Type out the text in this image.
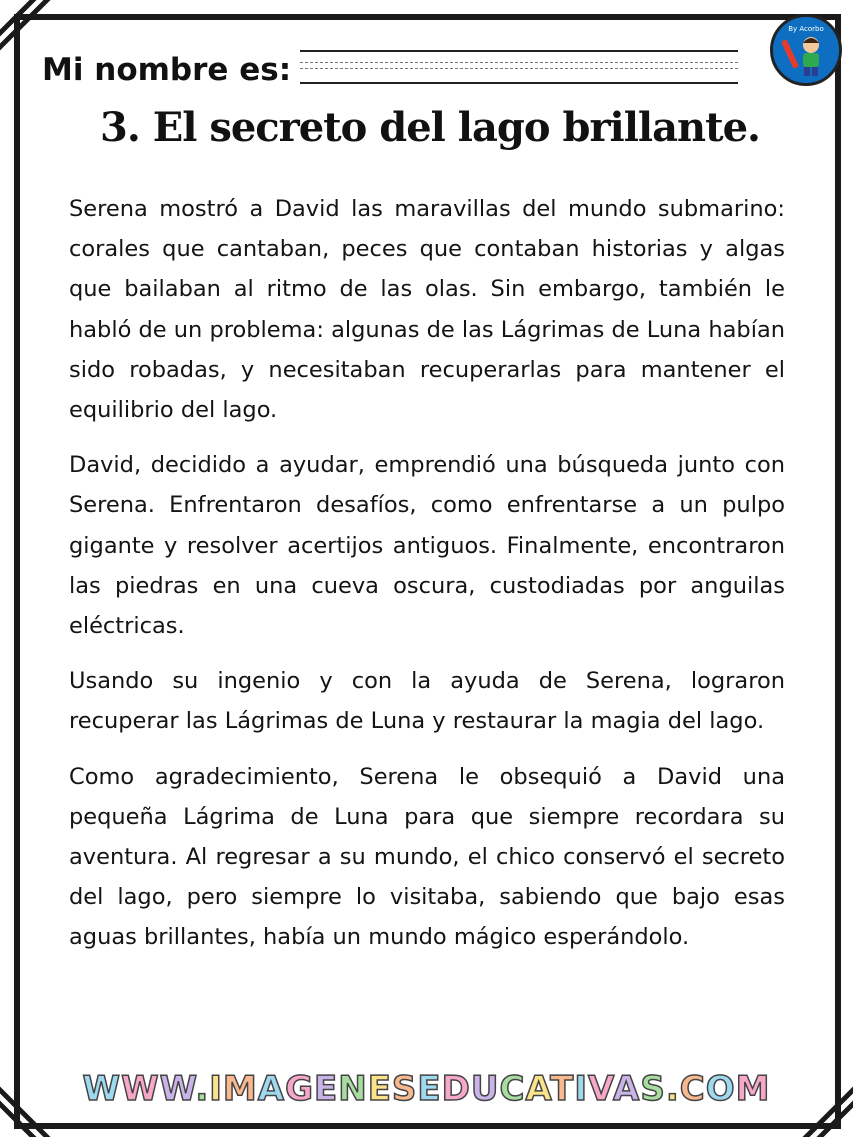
Mi nombre es:
By Acorbo
3. El secreto del lago brillante.

Serena mostró a David las maravillas del mundo submarino: corales que cantaban, peces que contaban historias y algas que bailaban al ritmo de las olas. Sin embargo, también le habló de un problema: algunas de las Lágrimas de Luna habían sido robadas, y necesitaban recuperarlas para mantener el equilibrio del lago.

David, decidido a ayudar, emprendió una búsqueda junto con Serena. Enfrentaron desafíos, como enfrentarse a un pulpo gigante y resolver acertijos antiguos. Finalmente, encontraron las piedras en una cueva oscura, custodiadas por anguilas eléctricas.

Usando su ingenio y con la ayuda de Serena, lograron recuperar las Lágrimas de Luna y restaurar la magia del lago.

Como agradecimiento, Serena le obsequió a David una pequeña Lágrima de Luna para que siempre recordara su aventura. Al regresar a su mundo, el chico conservó el secreto del lago, pero siempre lo visitaba, sabiendo que bajo esas aguas brillantes, había un mundo mágico esperándolo.

WWW.IMAGENESEDUCATIVAS.COM
